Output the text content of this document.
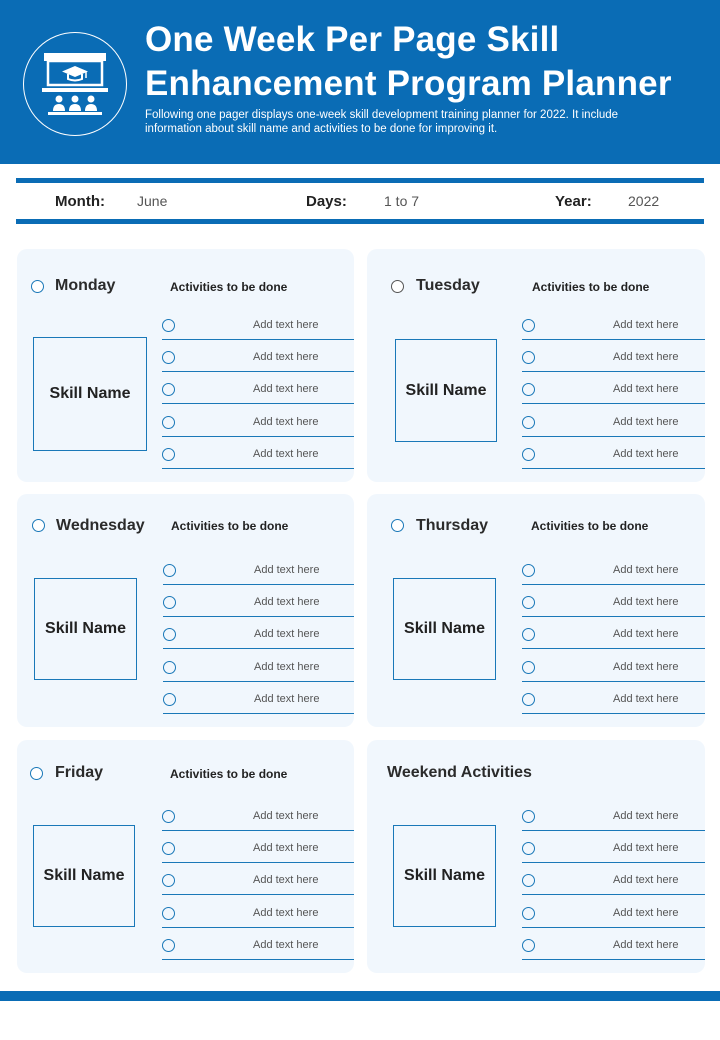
One Week Per Page Skill
Enhancement Program Planner
Following one pager displays one-week skill development training planner for 2022. It include
information about skill name and activities to be done for improving it.
Month: June	Days:	1 to 7	Year:	2022
Monday	Activities to be done
Skill Name
Add text here
Add text here
Add text here
Add text here
Add text here
Tuesday	Activities to be done
Skill Name
Add text here
Add text here
Add text here
Add text here
Add text here
Wednesday Activities to be done
Skill Name
Add text here
Add text here
Add text here
Add text here
Add text here
Thursday	Activities to be done
Skill Name
Add text here
Add text here
Add text here
Add text here
Add text here
Friday	Activities to be done
Skill Name
Add text here
Add text here
Add text here
Add text here
Add text here
Weekend Activities
Skill Name
Add text here
Add text here
Add text here
Add text here
Add text here
